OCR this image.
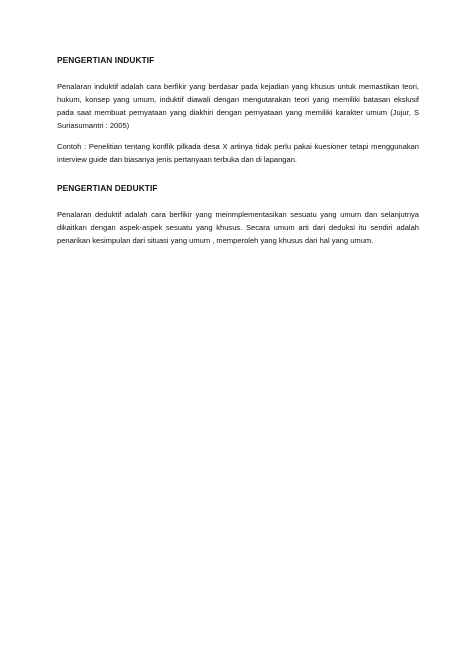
PENGERTIAN INDUKTIF

Penalaran induktif adalah cara berfikir yang berdasar pada kejadian yang khusus untuk memastikan teori, hukum, konsep yang umum, induktif diawali dengan mengutarakan teori yang memiliki batasan ekslusif pada saat membuat pernyataan yang diakhiri dengan pernyataan yang memiliki karakter umum (Jujur, S Suriasumantri : 2005)

Contoh : Penelitian tentang konflik pilkada desa X artinya tidak perlu pakai kuesioner tetapi menggunakan interview guide dan biasanya jenis pertanyaan terbuka dan di lapangan.

PENGERTIAN DEDUKTIF

Penalaran deduktif adalah cara berfikir yang meinmplementasikan sesuatu yang umum dan selanjutnya dikaitkan dengan aspek-aspek sesuatu yang khusus. Secara umum arti dari deduksi itu sendiri adalah penarikan kesimpulan dari situasi yang umum , memperoleh yang khusus dari hal yang umum.
